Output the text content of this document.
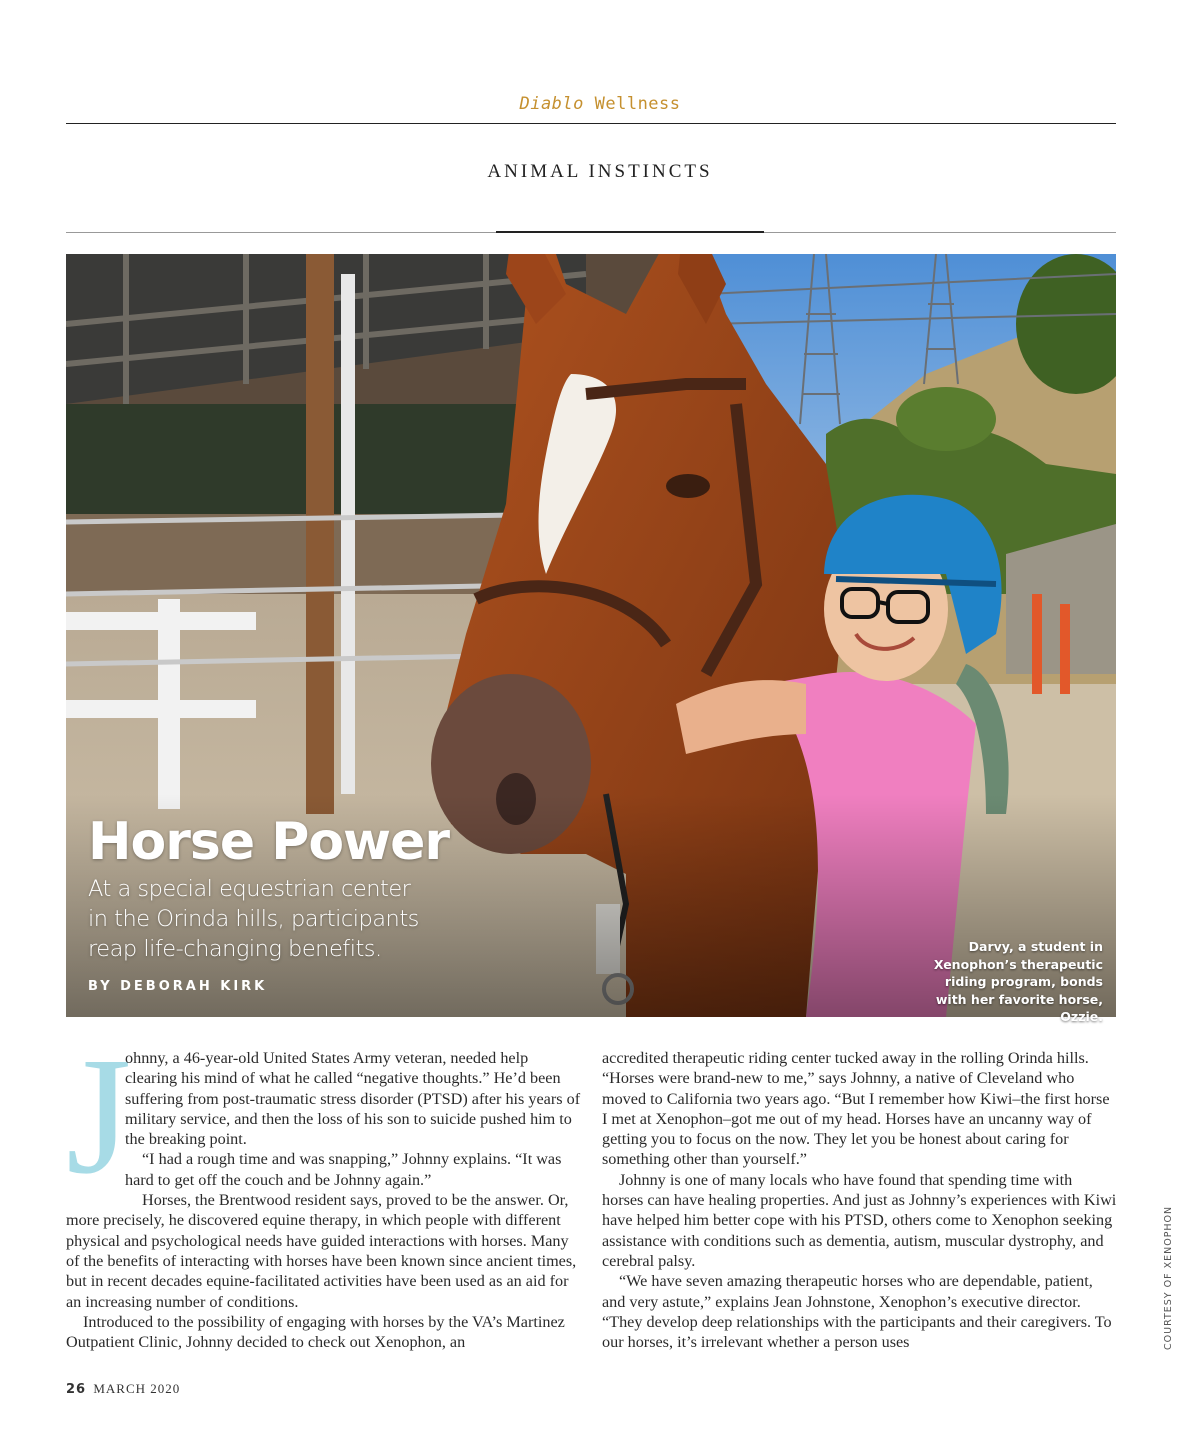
Diablo Wellness
ANIMAL INSTINCTS
Horse Power
At a special equestrian center in the Orinda hills, participants reap life-changing benefits.
BY DEBORAH KIRK
Darvy, a student in Xenophon’s therapeutic riding program, bonds with her favorite horse, Ozzie.
J

ohnny, a 46-year-old United States Army veteran, needed help clearing his mind of what he called “negative thoughts.” He’d been suffering from post-traumatic stress disorder (PTSD) after his years of military service, and then the loss of his son to suicide pushed him to the breaking point.

“I had a rough time and was snapping,” Johnny explains. “It was hard to get off the couch and be Johnny again.”

Horses, the Brentwood resident says, proved to be the answer. Or, more precisely, he discovered equine therapy, in which people with different physical and psychological needs have guided interactions with horses. Many of the benefits of interacting with horses have been known since ancient times, but in recent decades equine-facilitated activities have been used as an aid for an increasing number of conditions.

Introduced to the possibility of engaging with horses by the VA’s Martinez Outpatient Clinic, Johnny decided to check out Xenophon, an

accredited therapeutic riding center tucked away in the rolling Orinda hills. “Horses were brand-new to me,” says Johnny, a native of Cleveland who moved to California two years ago. “But I remember how Kiwi–the first horse I met at Xenophon–got me out of my head. Horses have an uncanny way of getting you to focus on the now. They let you be honest about caring for something other than yourself.”

Johnny is one of many locals who have found that spending time with horses can have healing properties. And just as Johnny’s experiences with Kiwi have helped him better cope with his PTSD, others come to Xenophon seeking assistance with conditions such as dementia, autism, muscular dystrophy, and cerebral palsy.

“We have seven amazing therapeutic horses who are dependable, patient, and very astute,” explains Jean Johnstone, Xenophon’s executive director. “They develop deep relationships with the participants and their caregivers. To our horses, it’s irrelevant whether a person uses	COURTESY OF XENOPHON
26 MARCH 2020
